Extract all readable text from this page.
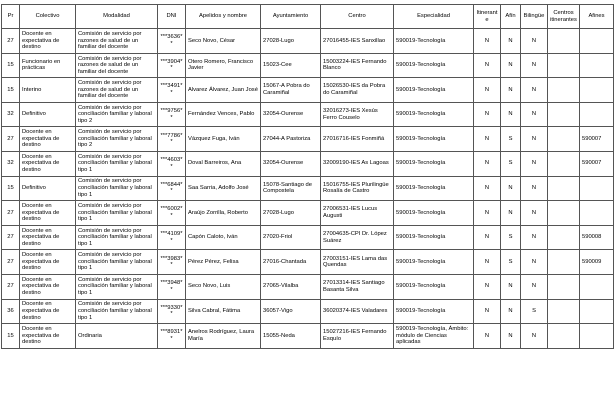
Pr	Colectivo	Modalidad	DNI	Apelidos y nombre	Ayuntamiento	Centro	Especialidad	Itinerante	Afín	Bilingüe	Centros itinerantes	Afines
27	Docente en expectativa de destino	Comisión de servicio por razones de salud de un familiar del docente	***3636**	Seco Novo, César	27028-Lugo	27016455-IES Sanxillao	590019-Tecnología	N	N	N		
15	Funcionario en prácticas	Comisión de servicio por razones de salud de un familiar del docente	***3904**	Otero Romero, Francisco Javier	15023-Cee	15003224-IES Fernando Blanco	590019-Tecnología	N	N	N		
15	Interino	Comisión de servicio por razones de salud de un familiar del docente	***3491**	Alvarez Álvarez, Juan José	15067-A Pobra do Caramiñal	15026530-IES da Pobra do Caramiñal	590019-Tecnología	N	N	N		
32	Definitivo	Comisión de servicio por conciliación familiar y laboral tipo 2	***9756**	Fernández Vences, Pablo	32054-Ourense	32016273-IES Xesús Ferro Couselo	590019-Tecnología	N	N	N		
27	Docente en expectativa de destino	Comisión de servicio por conciliación familiar y laboral tipo 2	***7786**	Vázquez Fuga, Iván	27044-A Pastoriza	27016716-IES Fonmiñá	590019-Tecnología	N	S	N		590007
32	Docente en expectativa de destino	Comisión de servicio por conciliación familiar y laboral tipo 1	***4603**	Doval Barreiros, Ana	32054-Ourense	32009190-IES As Lagoas	590019-Tecnología	N	S	N		590007
15	Definitivo	Comisión de servicio por conciliación familiar y laboral tipo 1	***6844**	Saa Sarria, Adolfo José	15078-Santiago de Compostela	15016755-IES Plurilingüe Rosalía de Castro	590019-Tecnología	N	N	N		
27	Docente en expectativa de destino	Comisión de servicio por conciliación familiar y laboral tipo 1	***6002**	Araújo Zorrilla, Roberto	27028-Lugo	27006531-IES Lucus Augusti	590019-Tecnología	N	N	N		
27	Docente en expectativa de destino	Comisión de servicio por conciliación familiar y laboral tipo 1	***4109**	Capón Caloto, Iván	27020-Friol	27004635-CPI Dr. López Suárez	590019-Tecnología	N	S	N		590008
27	Docente en expectativa de destino	Comisión de servicio por conciliación familiar y laboral tipo 1	***3983**	Pérez Pérez, Felisa	27016-Chantada	27003151-IES Lama das Quendas	590019-Tecnología	N	S	N		590009
27	Docente en expectativa de destino	Comisión de servicio por conciliación familiar y laboral tipo 1	***3948**	Seco Novo, Luis	27065-Vilalba	27013314-IES Santiago Basanta Silva	590019-Tecnología	N	N	N		
36	Docente en expectativa de destino	Comisión de servicio por conciliación familiar y laboral tipo 1	***9330**	Silva Cabral, Fátima	36057-Vigo	36020374-IES Valadares	590019-Tecnología	N	N	S		
15	Docente en expectativa de destino	Ordinaria	***8931**	Anelros Rodríguez, Laura María	15055-Neda	15027216-IES Fernando Esquío	590019-Tecnología, Ámbito: módulo de Ciencias aplicadas	N	N	N		
